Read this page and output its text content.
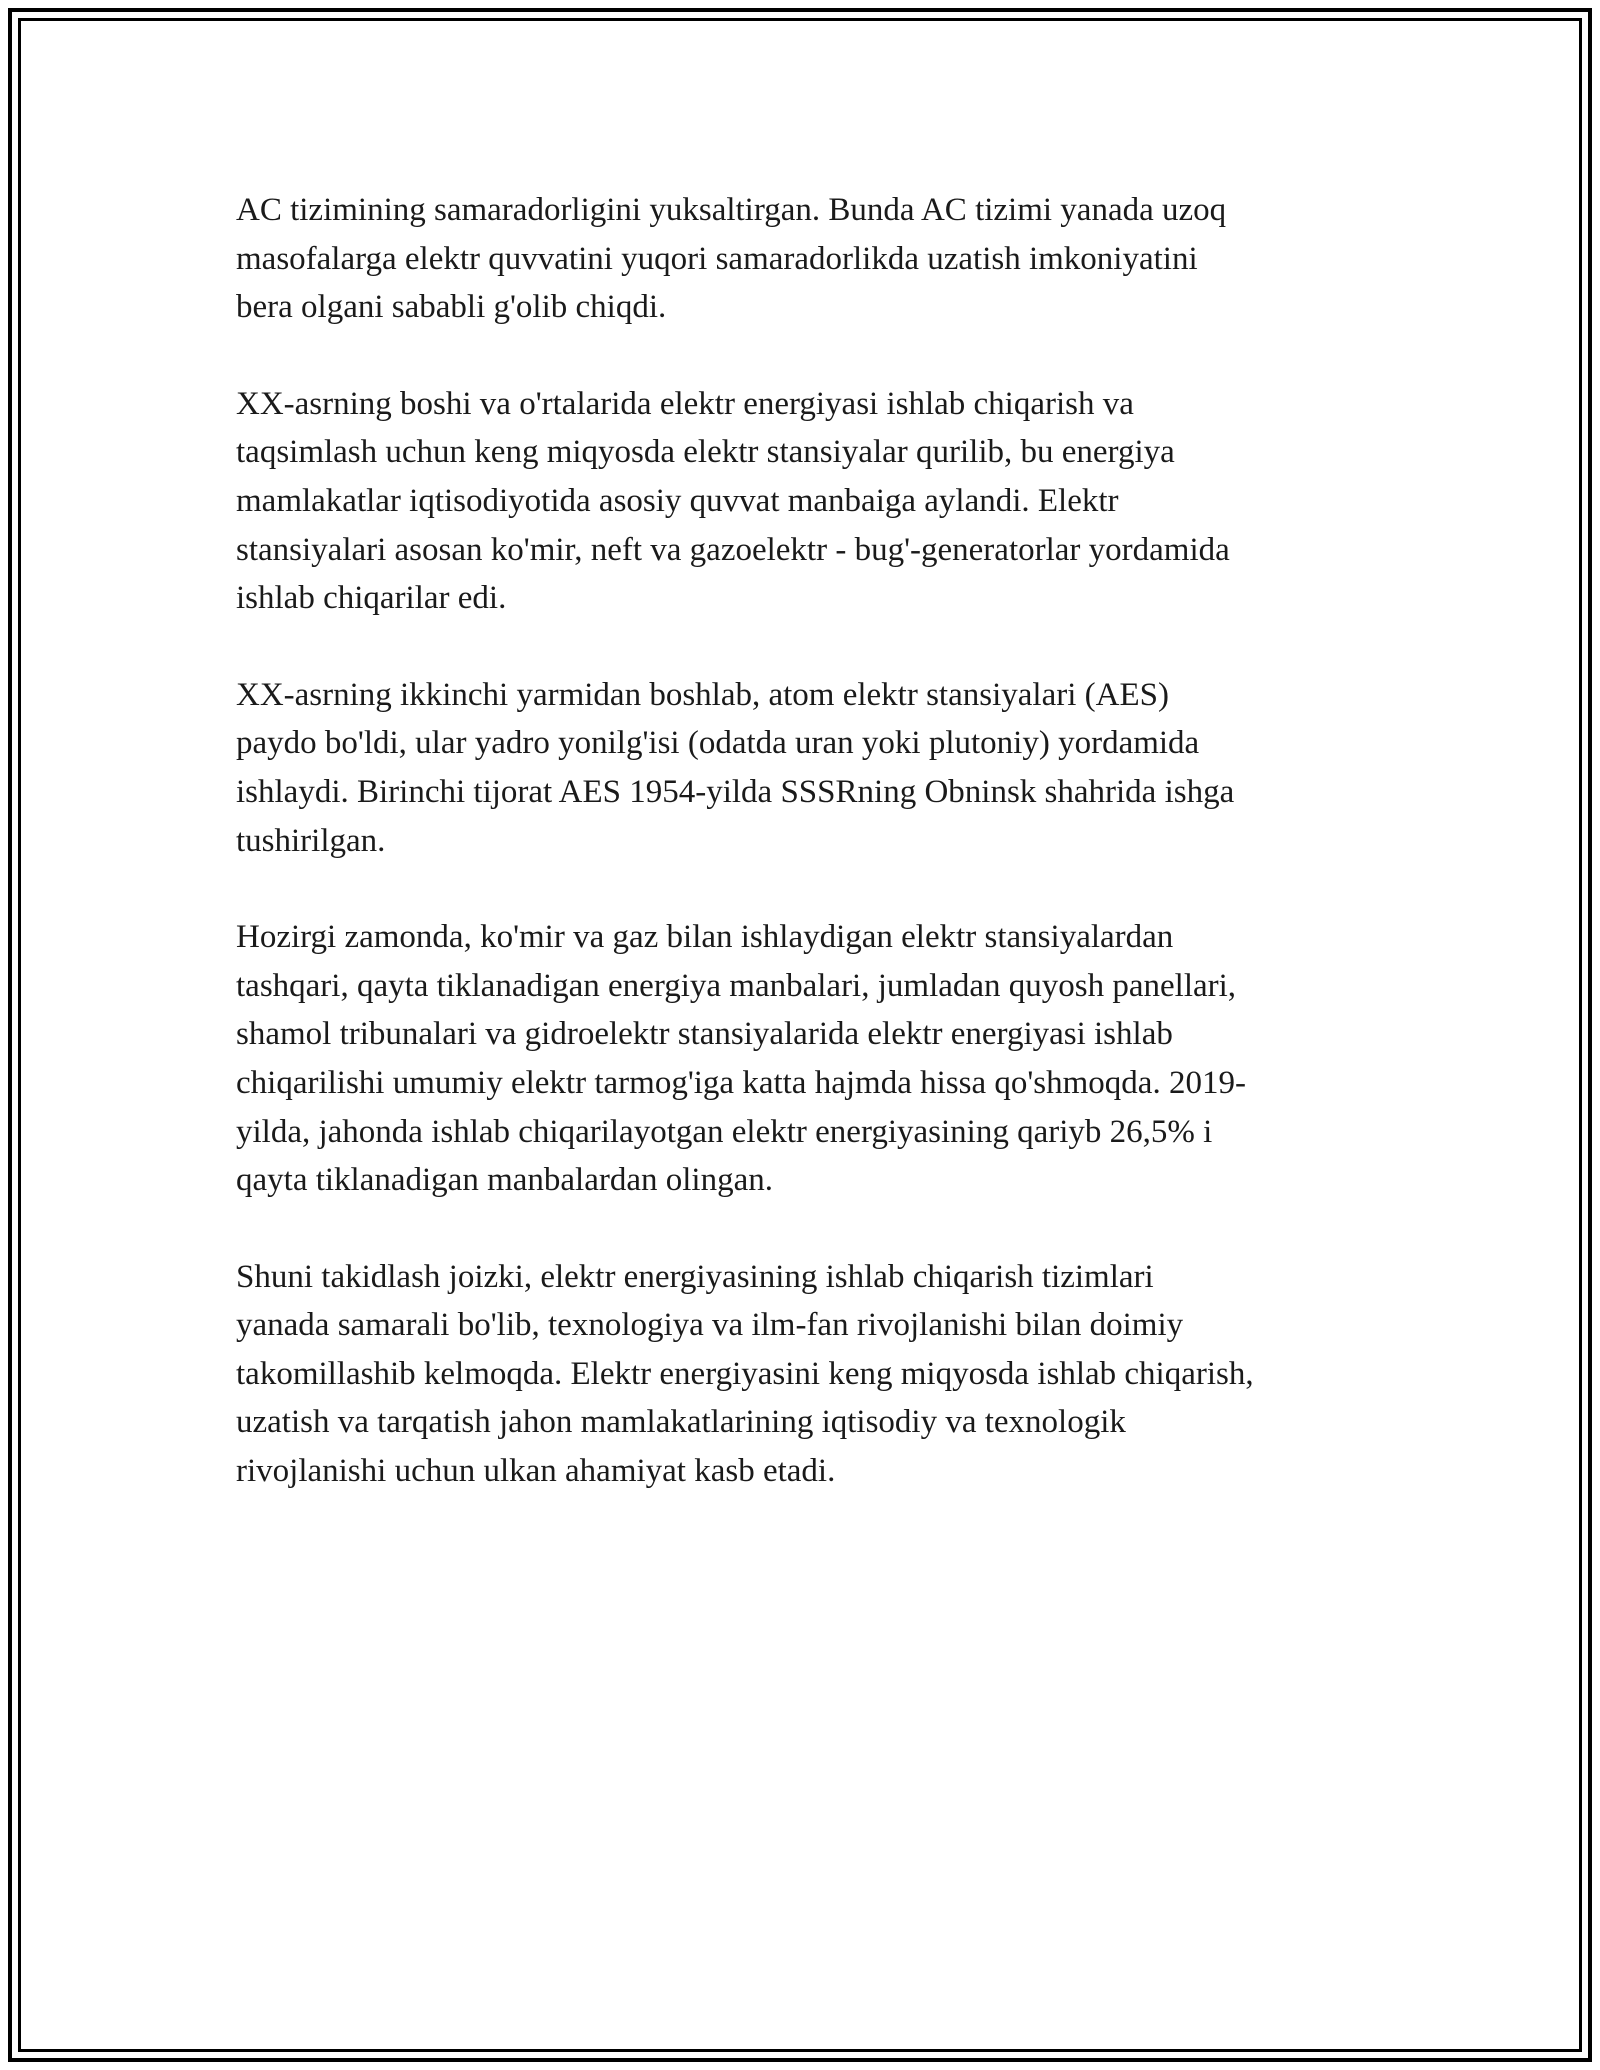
AC tizimining samaradorligini yuksaltirgan. Bunda AC tizimi yanada uzoq
masofalarga elektr quvvatini yuqori samaradorlikda uzatish imkoniyatini
bera olgani sababli g'olib chiqdi.

XX-asrning boshi va o'rtalarida elektr energiyasi ishlab chiqarish va
taqsimlash uchun keng miqyosda elektr stansiyalar qurilib, bu energiya
mamlakatlar iqtisodiyotida asosiy quvvat manbaiga aylandi. Elektr
stansiyalari asosan ko'mir, neft va gazoelektr - bug'-generatorlar yordamida
ishlab chiqarilar edi.

XX-asrning ikkinchi yarmidan boshlab, atom elektr stansiyalari (AES)
paydo bo'ldi, ular yadro yonilg'isi (odatda uran yoki plutoniy) yordamida
ishlaydi. Birinchi tijorat AES 1954-yilda SSSRning Obninsk shahrida ishga
tushirilgan.

Hozirgi zamonda, ko'mir va gaz bilan ishlaydigan elektr stansiyalardan
tashqari, qayta tiklanadigan energiya manbalari, jumladan quyosh panellari,
shamol tribunalari va gidroelektr stansiyalarida elektr energiyasi ishlab
chiqarilishi umumiy elektr tarmog'iga katta hajmda hissa qo'shmoqda. 2019-
yilda, jahonda ishlab chiqarilayotgan elektr energiyasining qariyb 26,5% i
qayta tiklanadigan manbalardan olingan.

Shuni takidlash joizki, elektr energiyasining ishlab chiqarish tizimlari
yanada samarali bo'lib, texnologiya va ilm-fan rivojlanishi bilan doimiy
takomillashib kelmoqda. Elektr energiyasini keng miqyosda ishlab chiqarish,
uzatish va tarqatish jahon mamlakatlarining iqtisodiy va texnologik
rivojlanishi uchun ulkan ahamiyat kasb etadi.
